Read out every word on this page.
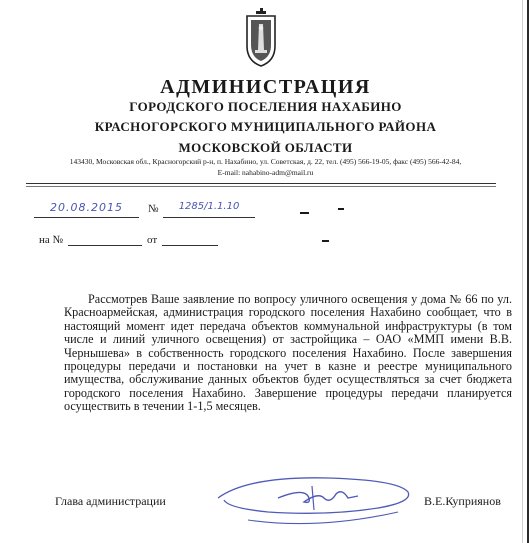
АДМИНИСТРАЦИЯ
ГОРОДСКОГО ПОСЕЛЕНИЯ НАХАБИНО
КРАСНОГОРСКОГО МУНИЦИПАЛЬНОГО РАЙОНА
МОСКОВСКОЙ ОБЛАСТИ
143430, Московская обл., Красногорский р-н, п. Нахабино, ул. Советская, д. 22, тел. (495) 566-19-05, факс (495) 566-42-84,
E-mail: nahabino-adm@mail.ru
20.08.2015	№	1285/1.1.10
на №	от

Рассмотрев Ваше заявление по вопросу уличного освещения у дома № 66 по ул. Красноармейская, администрация городского поселения Нахабино сообщает, что в настоящий момент идет передача объектов коммунальной инфраструктуры (в том числе и линий уличного освещения) от застройщика – ОАО «ММП имени В.В. Чернышева» в собственность городского поселения Нахабино. После завершения процедуры передачи и постановки на учет в казне и реестре муниципального имущества, обслуживание данных объектов будет осуществляться за счет бюджета городского поселения Нахабино. Завершение процедуры передачи планируется осуществить в течении 1-1,5 месяцев.

Глава администрации	В.Е.Куприянов
